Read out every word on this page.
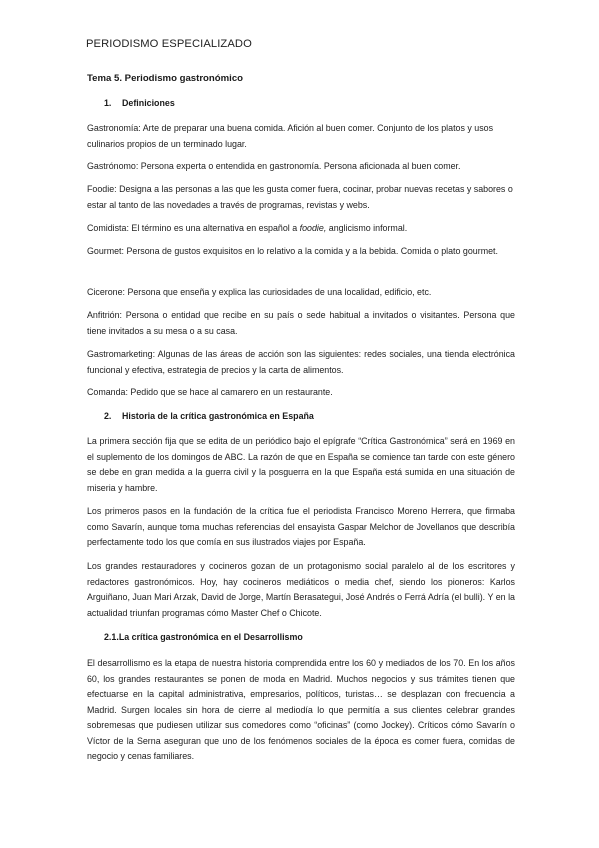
PERIODISMO ESPECIALIZADO
Tema 5. Periodismo gastronómico
1. Definiciones
Gastronomía: Arte de preparar una buena comida. Afición al buen comer. Conjunto de los platos y usos culinarios propios de un terminado lugar.
Gastrónomo: Persona experta o entendida en gastronomía. Persona aficionada al buen comer.
Foodie: Designa a las personas a las que les gusta comer fuera, cocinar, probar nuevas recetas y sabores o estar al tanto de las novedades a través de programas, revistas y webs.
Comidista: El término es una alternativa en español a foodie, anglicismo informal.
Gourmet: Persona de gustos exquisitos en lo relativo a la comida y a la bebida. Comida o plato gourmet.
Cicerone: Persona que enseña y explica las curiosidades de una localidad, edificio, etc.
Anfitrión: Persona o entidad que recibe en su país o sede habitual a invitados o visitantes. Persona que tiene invitados a su mesa o a su casa.
Gastromarketing: Algunas de las áreas de acción son las siguientes: redes sociales, una tienda electrónica funcional y efectiva, estrategia de precios y la carta de alimentos.
Comanda: Pedido que se hace al camarero en un restaurante.
2. Historia de la crítica gastronómica en España
La primera sección fija que se edita de un periódico bajo el epígrafe “Crítica Gastronómica” será en 1969 en el suplemento de los domingos de ABC. La razón de que en España se comience tan tarde con este género se debe en gran medida a la guerra civil y la posguerra en la que España está sumida en una situación de miseria y hambre.
Los primeros pasos en la fundación de la crítica fue el periodista Francisco Moreno Herrera, que firmaba como Savarín, aunque toma muchas referencias del ensayista Gaspar Melchor de Jovellanos que describía perfectamente todo los que comía en sus ilustrados viajes por España.
Los grandes restauradores y cocineros gozan de un protagonismo social paralelo al de los escritores y redactores gastronómicos. Hoy, hay cocineros mediáticos o media chef, siendo los pioneros: Karlos Arguiñano, Juan Mari Arzak, David de Jorge, Martín Berasategui, José Andrés o Ferrá Adría (el bulli). Y en la actualidad triunfan programas cómo Master Chef o Chicote.
2.1.La crítica gastronómica en el Desarrollismo
El desarrollismo es la etapa de nuestra historia comprendida entre los 60 y mediados de los 70. En los años 60, los grandes restaurantes se ponen de moda en Madrid. Muchos negocios y sus trámites tienen que efectuarse en la capital administrativa, empresarios, políticos, turistas… se desplazan con frecuencia a Madrid. Surgen locales sin hora de cierre al mediodía lo que permitía a sus clientes celebrar grandes sobremesas que pudiesen utilizar sus comedores como “oficinas” (como Jockey). Críticos cómo Savarín o Víctor de la Serna aseguran que uno de los fenómenos sociales de la época es comer fuera, comidas de negocio y cenas familiares.
